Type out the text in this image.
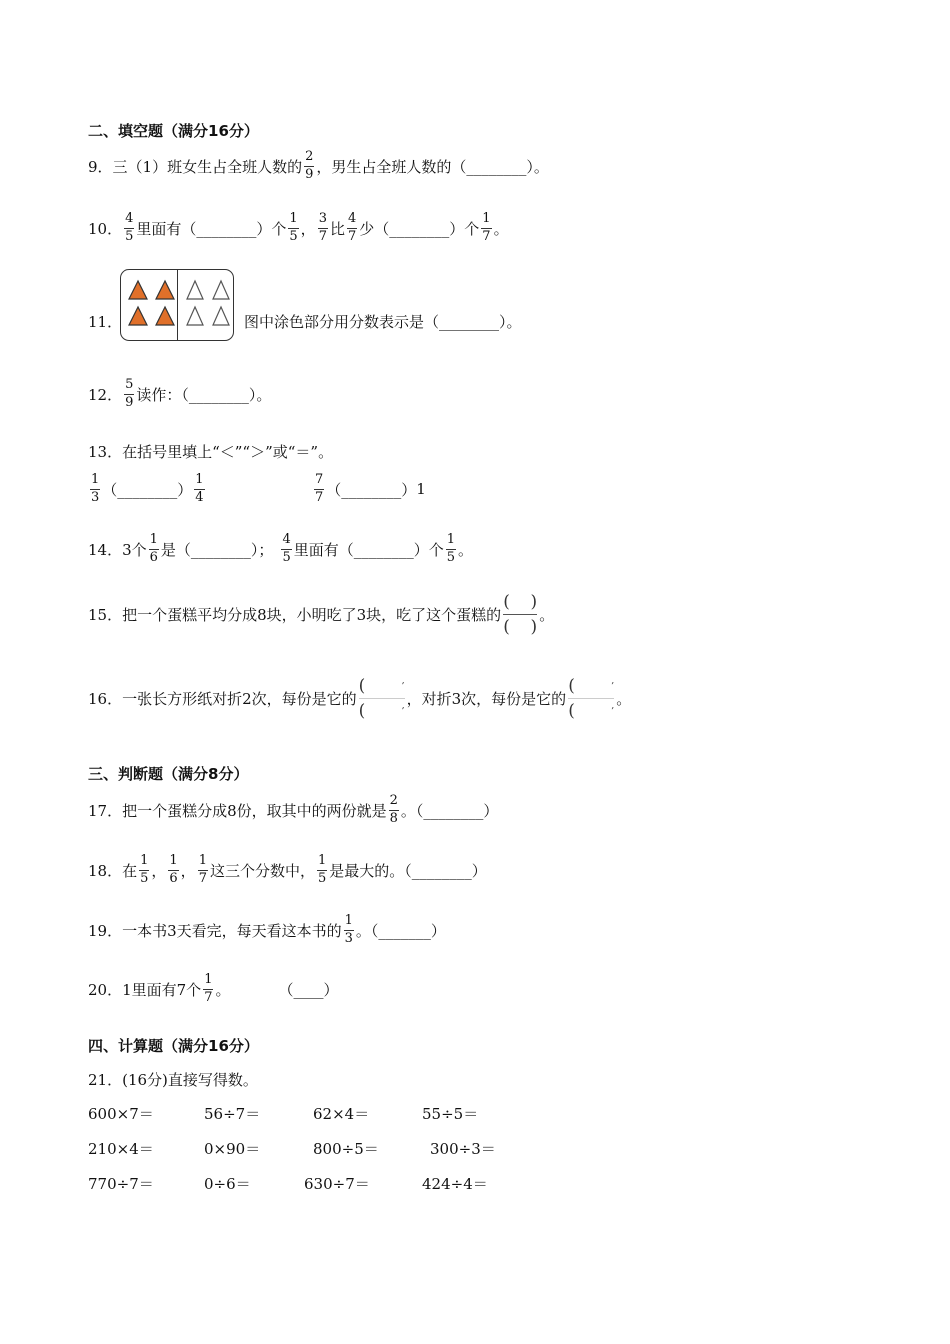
二、填空题（满分16分）
9．三（1）班女生占全班人数的 $\frac{2}{9}$ ，男生占全班人数的（________）。
10． $\frac{4}{5}$ 里面有（________）个 $\frac{1}{5}$ ， $\frac{3}{7}$ 比 $\frac{4}{7}$ 少（________）个 $\frac{1}{7}$ 。
11．	图中涂色部分用分数表示是（________）。
12． $\frac{5}{9}$ 读作：（________）。
13．在括号里填上“＜”“＞”或“＝”。
$\frac{1}{3}$ （________） $\frac{1}{4}$	$\frac{7}{7}$ （________） 1
14．3个 $\frac{1}{6}$ 是（________）； $\frac{4}{5}$ 里面有（________）个 $\frac{1}{5}$ 。
15．把一个蛋糕平均分成8块，小明吃了3块，吃了这个蛋糕的
( )
( )
。
16．一张长方形纸对折2次，每份是它的
(	,
(	, ，对折3次，每份是它的
(	,
(	, 。
三、判断题（满分8分）
17．把一个蛋糕分成8份，取其中的两份就是 $\frac{2}{8}$ 。（________）
18．在 $\frac{1}{5}$ ， $\frac{1}{6}$ ， $\frac{1}{7}$ 这三个分数中， $\frac{1}{5}$ 是最大的。（________）
19．一本书3天看完，每天看这本书的 $\frac{1}{3}$ 。（_______）
20．1里面有7个 $\frac{1}{7}$ 。	（____）
四、计算题（满分16分）
21．(16分)直接写得数。
600×7＝	56÷7＝	62×4＝	55÷5＝
210×4＝	0×90＝	800÷5＝	300÷3＝
770÷7＝	0÷6＝	630÷7＝	424÷4＝
